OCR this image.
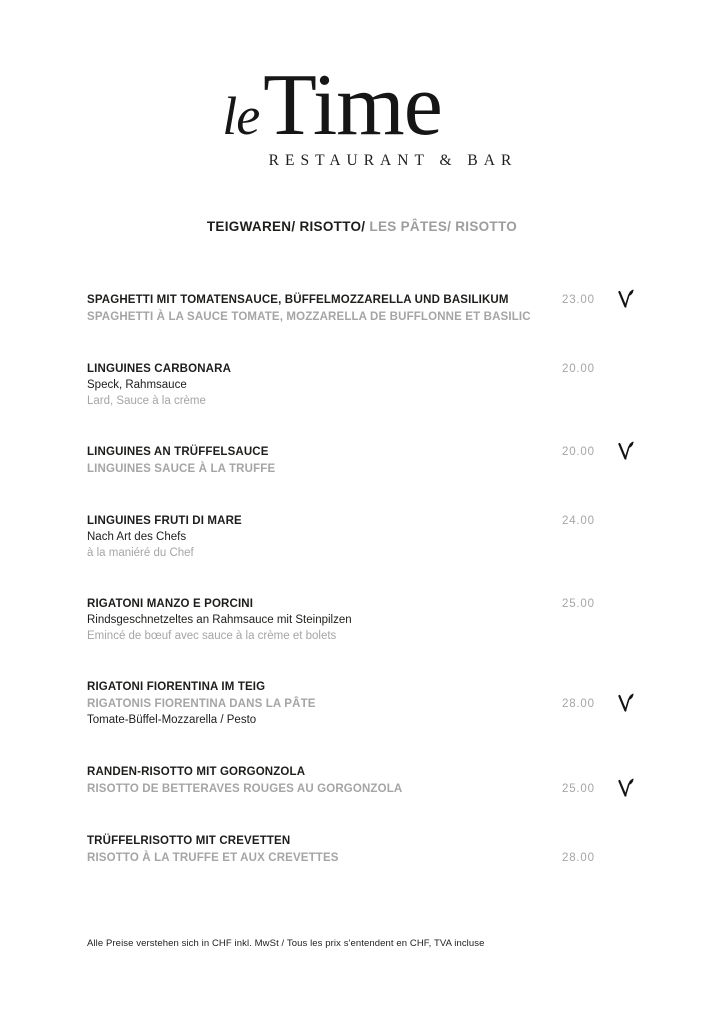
leTime
RESTAURANT & BAR
TEIGWAREN/ RISOTTO/ LES PÂTES/ RISOTTO
SPAGHETTI MIT TOMATENSAUCE, BÜFFELMOZZARELLA UND BASILIKUM	23.00
SPAGHETTI À LA SAUCE TOMATE, MOZZARELLA DE BUFFLONNE ET BASILIC
LINGUINES CARBONARA	20.00
Speck, Rahmsauce
Lard, Sauce à la crème
LINGUINES AN TRÜFFELSAUCE	20.00
LINGUINES SAUCE À LA TRUFFE
LINGUINES FRUTI DI MARE	24.00
Nach Art des Chefs
à la maniéré du Chef
RIGATONI MANZO E PORCINI	25.00
Rindsgeschnetzeltes an Rahmsauce mit Steinpilzen
Emincé de bœuf avec sauce à la crème et bolets
RIGATONI FIORENTINA IM TEIG
RIGATONIS FIORENTINA DANS LA PÂTE	28.00
Tomate-Büffel-Mozzarella / Pesto
RANDEN-RISOTTO MIT GORGONZOLA
RISOTTO DE BETTERAVES ROUGES AU GORGONZOLA	25.00
TRÜFFELRISOTTO MIT CREVETTEN
RISOTTO À LA TRUFFE ET AUX CREVETTES	28.00
Alle Preise verstehen sich in CHF inkl. MwSt / Tous les prix s'entendent en CHF, TVA incluse
